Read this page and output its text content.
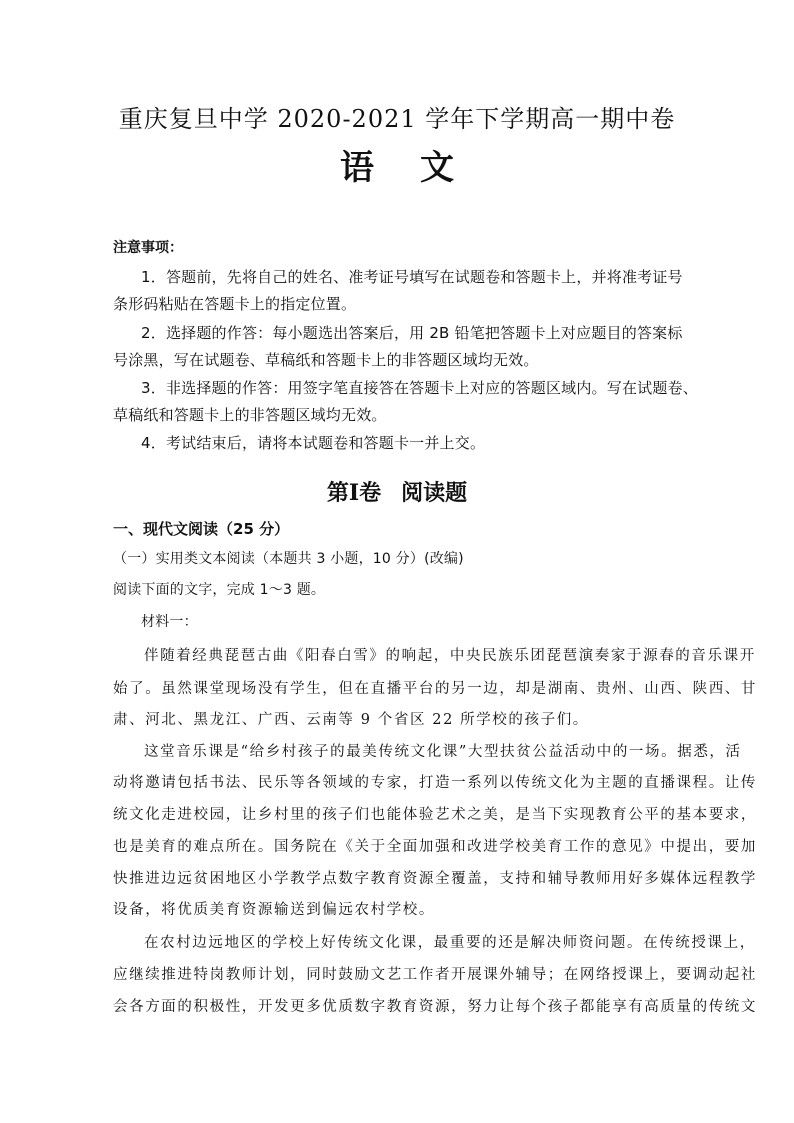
重庆复旦中学 2020-2021 学年下学期高一期中卷
语 文
注意事项：
1．答题前，先将自己的姓名、准考证号填写在试题卷和答题卡上，并将准考证号
条形码粘贴在答题卡上的指定位置。
2．选择题的作答：每小题选出答案后，用 2B 铅笔把答题卡上对应题目的答案标
号涂黑，写在试题卷、草稿纸和答题卡上的非答题区域均无效。
3．非选择题的作答：用签字笔直接答在答题卡上对应的答题区域内。写在试题卷、
草稿纸和答题卡上的非答题区域均无效。
4．考试结束后，请将本试题卷和答题卡一并上交。
第Ⅰ卷 阅读题
一、现代文阅读（25 分）
（一）实用类文本阅读（本题共 3 小题，10 分）(改编)
阅读下面的文字，完成 1～3 题。
材料一：
伴随着经典琵琶古曲《阳春白雪》的响起，中央民族乐团琵琶演奏家于源春的音乐课开
始了。虽然课堂现场没有学生，但在直播平台的另一边，却是湖南、贵州、山西、陕西、甘
肃、河北、黑龙江、广西、云南等 9 个省区 22 所学校的孩子们。
这堂音乐课是“给乡村孩子的最美传统文化课”大型扶贫公益活动中的一场。据悉，活
动将邀请包括书法、民乐等各领域的专家，打造一系列以传统文化为主题的直播课程。让传
统文化走进校园，让乡村里的孩子们也能体验艺术之美，是当下实现教育公平的基本要求，
也是美育的难点所在。国务院在《关于全面加强和改进学校美育工作的意见》中提出，要加
快推进边远贫困地区小学教学点数字教育资源全覆盖，支持和辅导教师用好多媒体远程教学
设备，将优质美育资源输送到偏远农村学校。
在农村边远地区的学校上好传统文化课，最重要的还是解决师资问题。在传统授课上，
应继续推进特岗教师计划，同时鼓励文艺工作者开展课外辅导；在网络授课上，要调动起社
会各方面的积极性，开发更多优质数字教育资源，努力让每个孩子都能享有高质量的传统文
